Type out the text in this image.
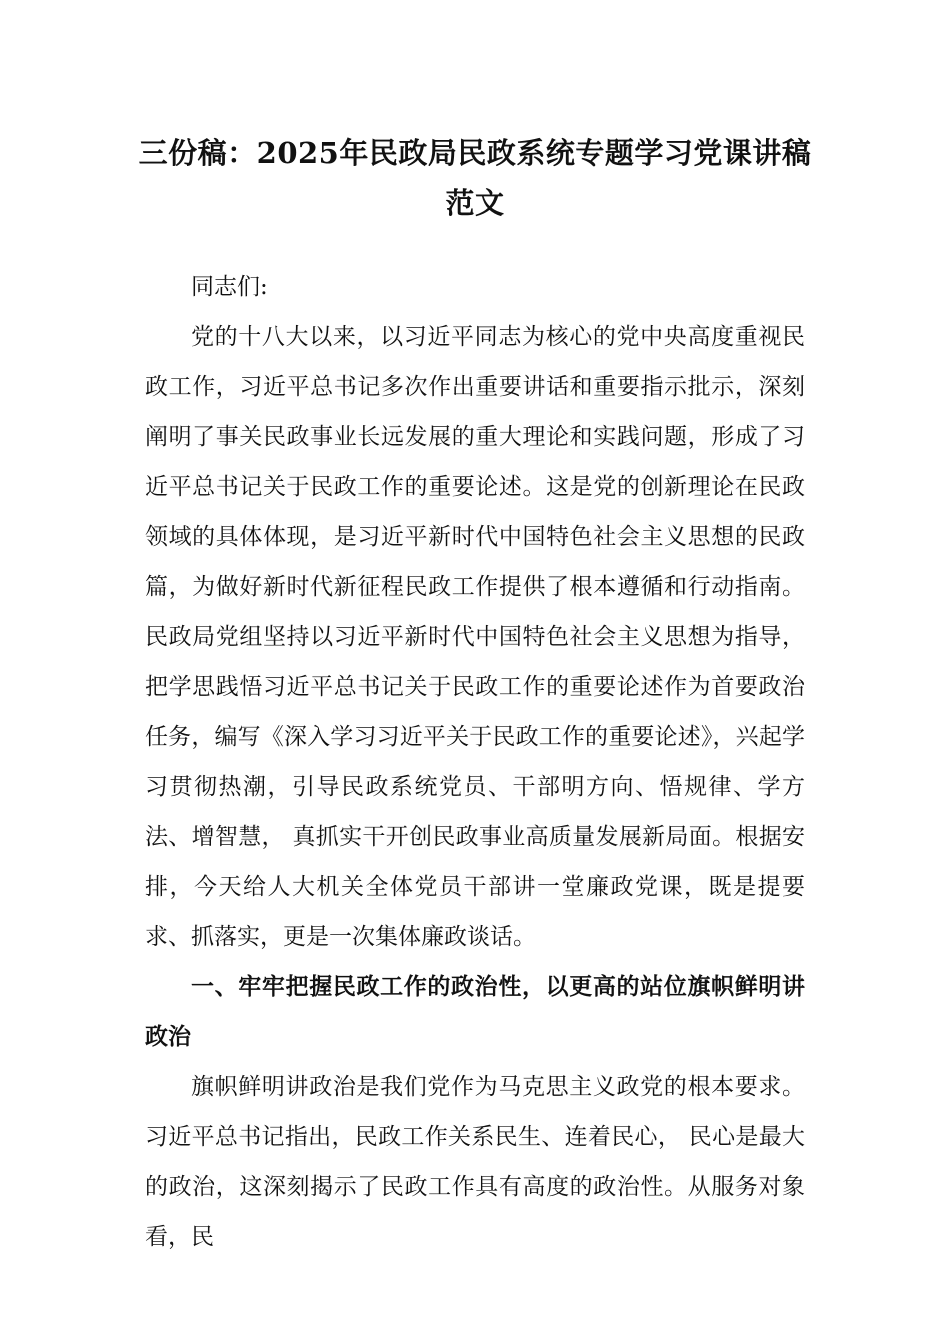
三份稿：2025年民政局民政系统专题学习党课讲稿
范文

同志们:

党的十八大以来，以习近平同志为核心的党中央高度重视民政工作，习近平总书记多次作出重要讲话和重要指示批示，深刻阐明了事关民政事业长远发展的重大理论和实践问题，形成了习近平总书记关于民政工作的重要论述。这是党的创新理论在民政领域的具体体现，是习近平新时代中国特色社会主义思想的民政篇，为做好新时代新征程民政工作提供了根本遵循和行动指南。民政局党组坚持以习近平新时代中国特色社会主义思想为指导，把学思践悟习近平总书记关于民政工作的重要论述作为首要政治任务，编写《深入学习习近平关于民政工作的重要论述》，兴起学习贯彻热潮，引导民政系统党员、干部明方向、悟规律、学方法、增智慧， 真抓实干开创民政事业高质量发展新局面。根据安排，今天给人大机关全体党员干部讲一堂廉政党课，既是提要求、抓落实，更是一次集体廉政谈话。

一、牢牢把握民政工作的政治性，以更高的站位旗帜鲜明讲政治

旗帜鲜明讲政治是我们党作为马克思主义政党的根本要求。习近平总书记指出，民政工作关系民生、连着民心， 民心是最大的政治，这深刻揭示了民政工作具有高度的政治性。从服务对象看，民
